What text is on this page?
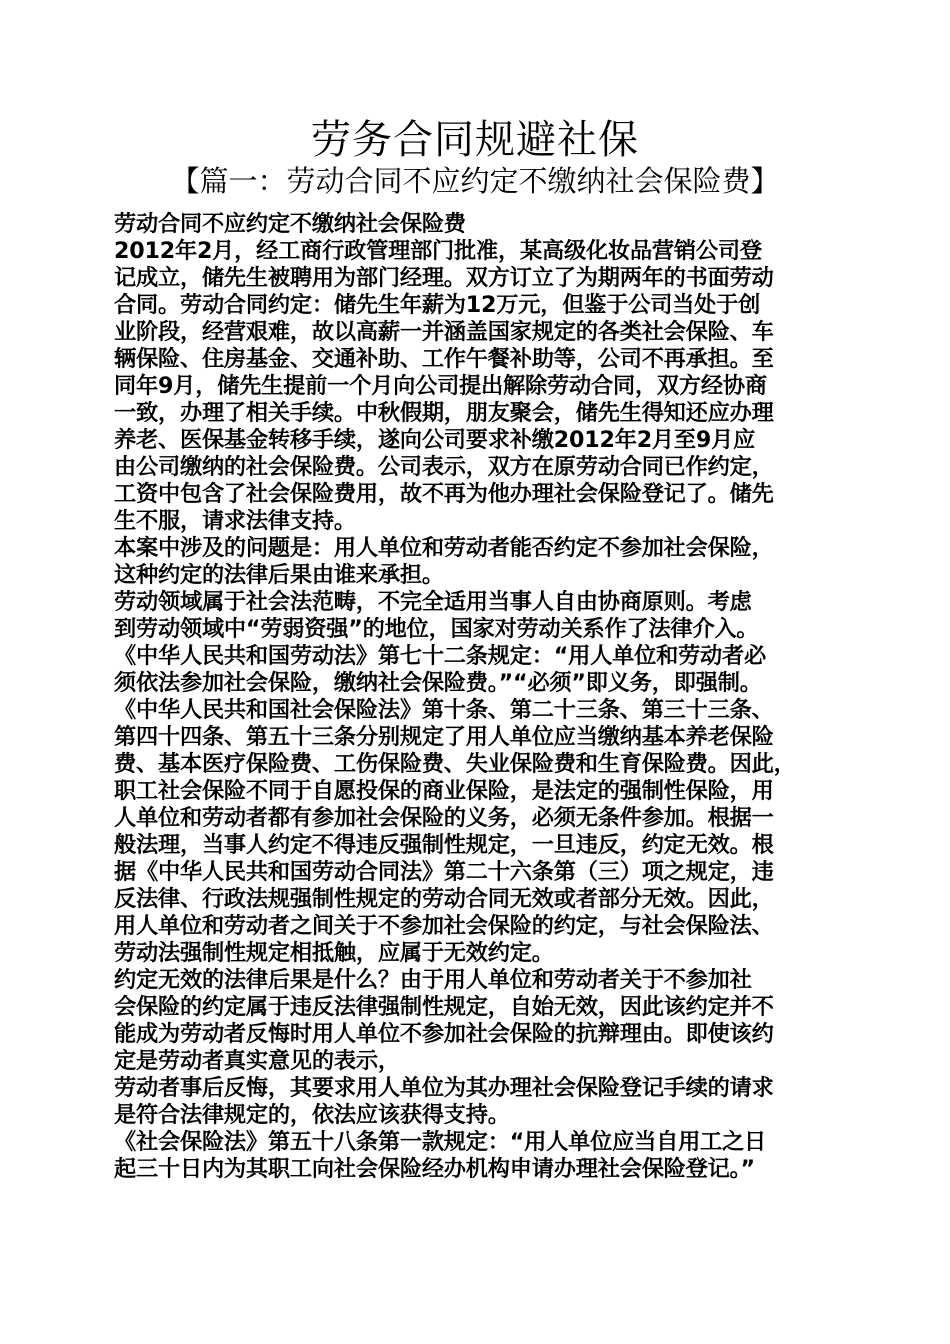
劳务合同规避社保
【篇一：劳动合同不应约定不缴纳社会保险费】
劳动合同不应约定不缴纳社会保险费
2012年2月，经工商行政管理部门批准，某高级化妆品营销公司登
记成立，储先生被聘用为部门经理。双方订立了为期两年的书面劳动
合同。劳动合同约定：储先生年薪为12万元，但鉴于公司当处于创
业阶段，经营艰难，故以高薪一并涵盖国家规定的各类社会保险、车
辆保险、住房基金、交通补助、工作午餐补助等，公司不再承担。至
同年9月，储先生提前一个月向公司提出解除劳动合同，双方经协商
一致，办理了相关手续。中秋假期，朋友聚会，储先生得知还应办理
养老、医保基金转移手续，遂向公司要求补缴2012年2月至9月应
由公司缴纳的社会保险费。公司表示，双方在原劳动合同已作约定，
工资中包含了社会保险费用，故不再为他办理社会保险登记了。储先
生不服，请求法律支持。
本案中涉及的问题是：用人单位和劳动者能否约定不参加社会保险，
这种约定的法律后果由谁来承担。
劳动领域属于社会法范畴，不完全适用当事人自由协商原则。考虑
到劳动领域中“劳弱资强”的地位，国家对劳动关系作了法律介入。
《中华人民共和国劳动法》第七十二条规定：“用人单位和劳动者必
须依法参加社会保险，缴纳社会保险费。”“必须”即义务，即强制。
《中华人民共和国社会保险法》第十条、第二十三条、第三十三条、
第四十四条、第五十三条分别规定了用人单位应当缴纳基本养老保险
费、基本医疗保险费、工伤保险费、失业保险费和生育保险费。因此，
职工社会保险不同于自愿投保的商业保险，是法定的强制性保险，用
人单位和劳动者都有参加社会保险的义务，必须无条件参加。根据一
般法理，当事人约定不得违反强制性规定，一旦违反，约定无效。根
据《中华人民共和国劳动合同法》第二十六条第（三）项之规定，违
反法律、行政法规强制性规定的劳动合同无效或者部分无效。因此，
用人单位和劳动者之间关于不参加社会保险的约定，与社会保险法、
劳动法强制性规定相抵触，应属于无效约定。
约定无效的法律后果是什么？由于用人单位和劳动者关于不参加社
会保险的约定属于违反法律强制性规定，自始无效，因此该约定并不
能成为劳动者反悔时用人单位不参加社会保险的抗辩理由。即使该约
定是劳动者真实意见的表示，
劳动者事后反悔，其要求用人单位为其办理社会保险登记手续的请求
是符合法律规定的，依法应该获得支持。
《社会保险法》第五十八条第一款规定：“用人单位应当自用工之日
起三十日内为其职工向社会保险经办机构申请办理社会保险登记。”
